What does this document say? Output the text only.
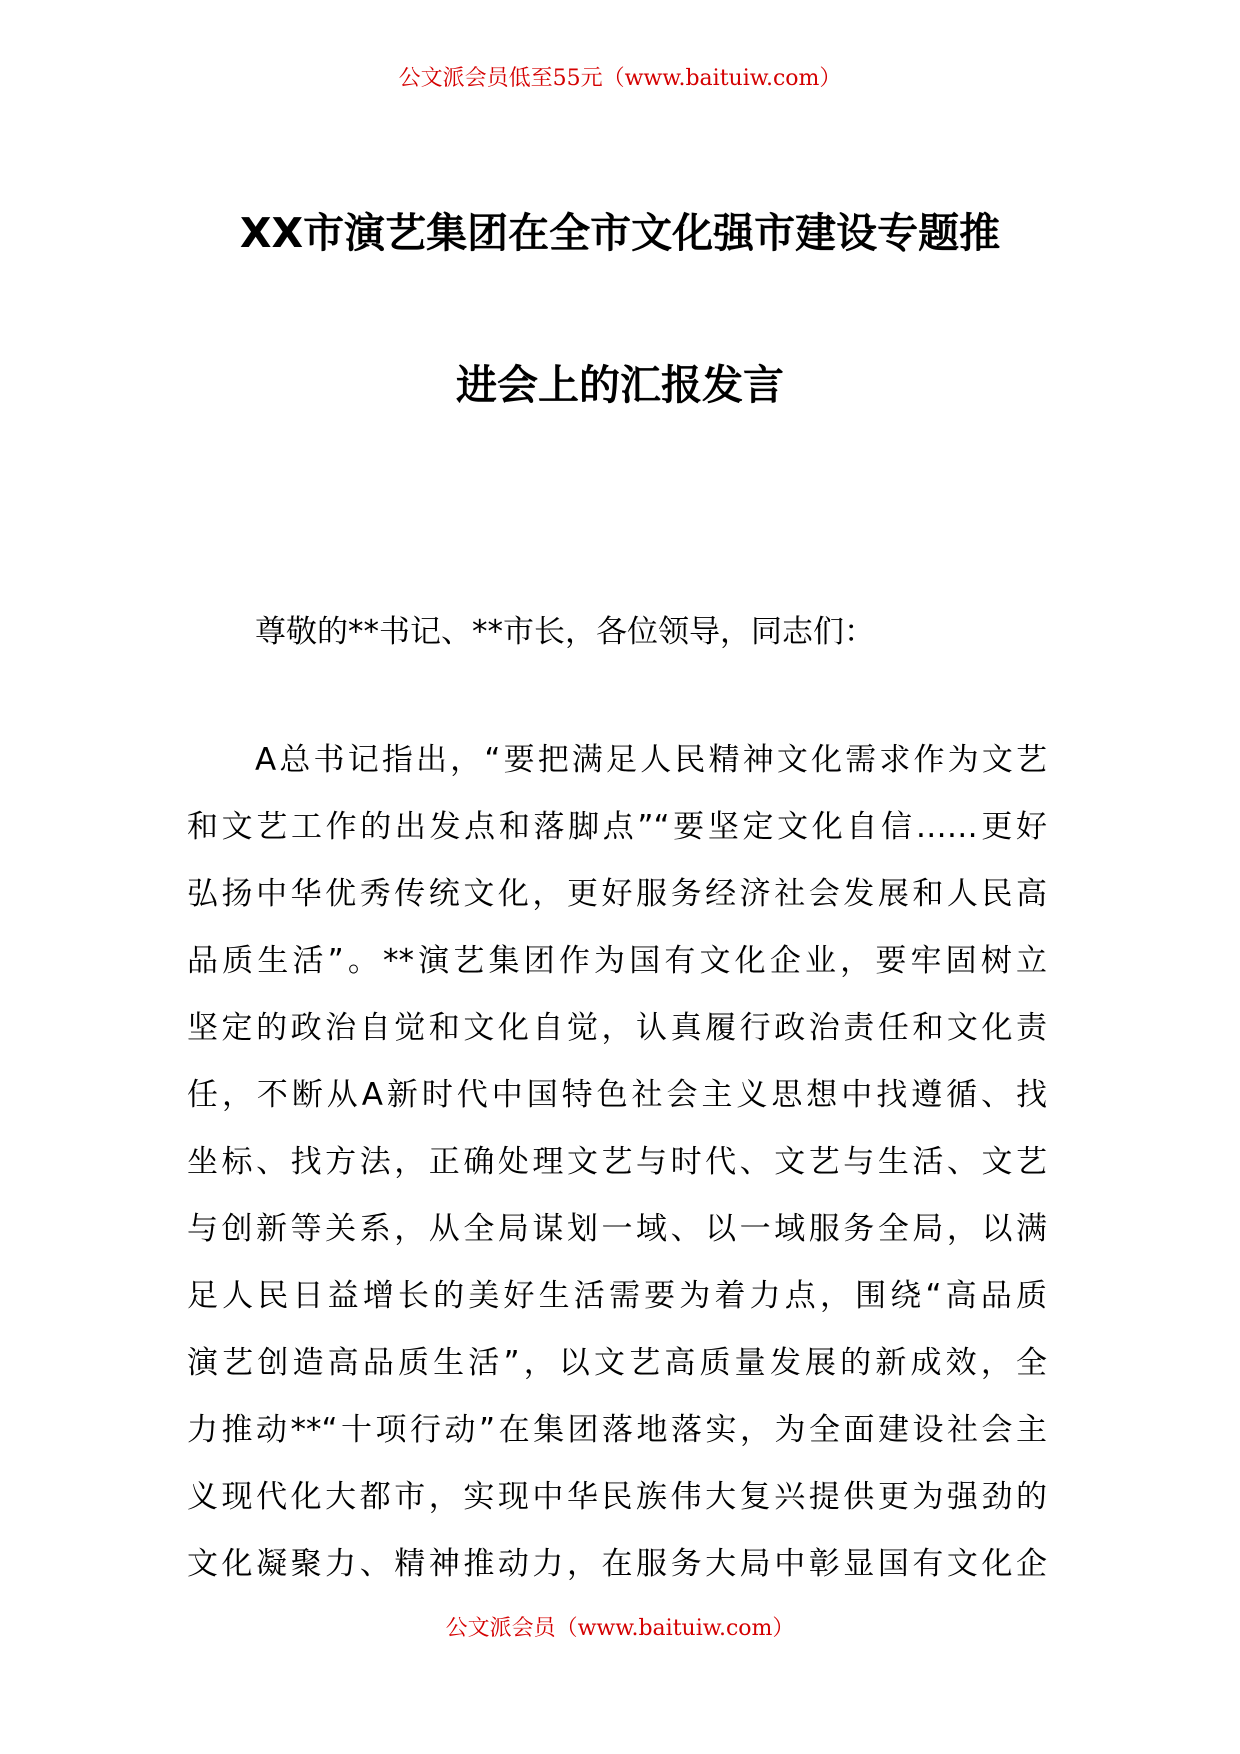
公文派会员低至55元（www.baituiw.com）
XX市演艺集团在全市文化强市建设专题推
进会上的汇报发言
尊敬的**书记、**市长，各位领导，同志们：
A总书记指出，“要把满足人民精神文化需求作为文艺
和文艺工作的出发点和落脚点”“要坚定文化自信……更好
弘扬中华优秀传统文化，更好服务经济社会发展和人民高
品质生活”。**演艺集团作为国有文化企业，要牢固树立
坚定的政治自觉和文化自觉，认真履行政治责任和文化责
任，不断从A新时代中国特色社会主义思想中找遵循、找
坐标、找方法，正确处理文艺与时代、文艺与生活、文艺
与创新等关系，从全局谋划一域、以一域服务全局，以满
足人民日益增长的美好生活需要为着力点，围绕“高品质
演艺创造高品质生活”，以文艺高质量发展的新成效，全
力推动**“十项行动”在集团落地落实，为全面建设社会主
义现代化大都市，实现中华民族伟大复兴提供更为强劲的
文化凝聚力、精神推动力，在服务大局中彰显国有文化企
公文派会员（www.baituiw.com）
